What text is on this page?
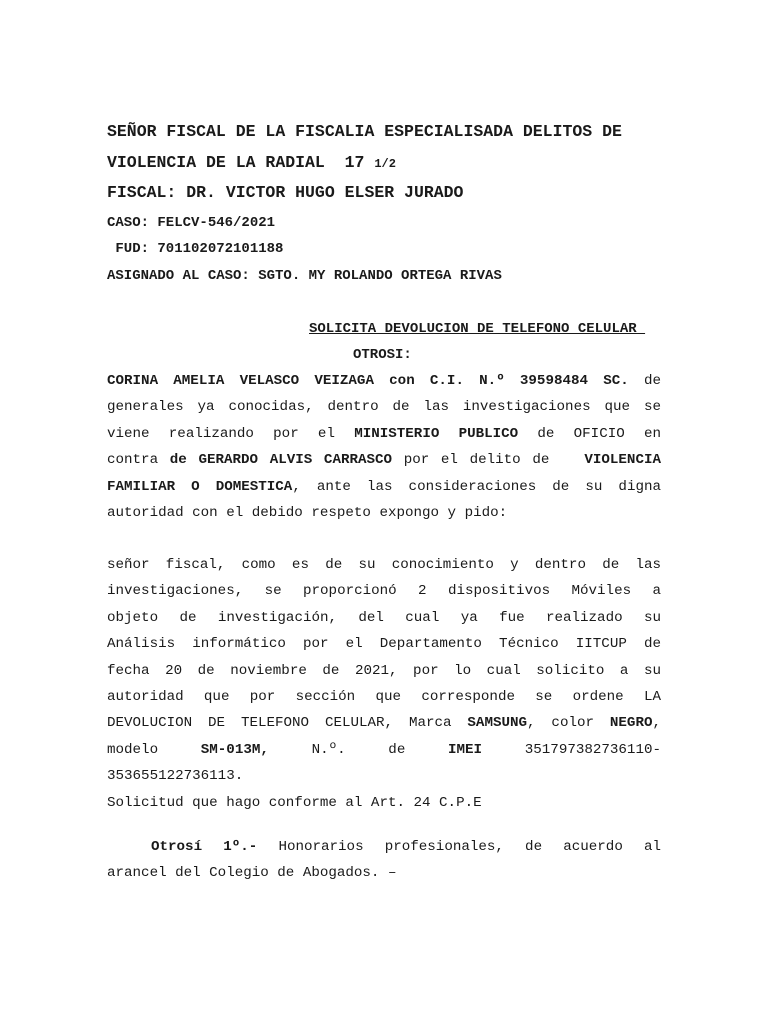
SEÑOR FISCAL DE LA FISCALIA ESPECIALISADA DELITOS DE
VIOLENCIA DE LA RADIAL  17 1/2
FISCAL: DR. VICTOR HUGO ELSER JURADO
CASO: FELCV-546/2021
FUD: 701102072101188
ASIGNADO AL CASO: SGTO. MY ROLANDO ORTEGA RIVAS
SOLICITA DEVOLUCION DE TELEFONO CELULAR
OTROSI:
CORINA AMELIA VELASCO VEIZAGA con C.I. N.º 39598484 SC. de
generales ya conocidas, dentro de las investigaciones que se
viene realizando por el MINISTERIO PUBLICO de OFICIO en
contra de GERARDO ALVIS CARRASCO por el delito de   VIOLENCIA
FAMILIAR O DOMESTICA, ante las consideraciones de su digna
autoridad con el debido respeto expongo y pido:
señor fiscal, como es de su conocimiento y dentro de las
investigaciones, se proporcionó 2 dispositivos Móviles a
objeto de investigación, del cual ya fue realizado su
Análisis informático por el Departamento Técnico IITCUP de
fecha 20 de noviembre de 2021, por lo cual solicito a su
autoridad que por sección que corresponde se ordene LA
DEVOLUCION DE TELEFONO CELULAR, Marca SAMSUNG, color NEGRO,
modelo SM-013M, N.º. de IMEI 351797382736110-
353655122736113.
Solicitud que hago conforme al Art. 24 C.P.E
Otrosí 1º.- Honorarios profesionales, de acuerdo al
arancel del Colegio de Abogados. –
